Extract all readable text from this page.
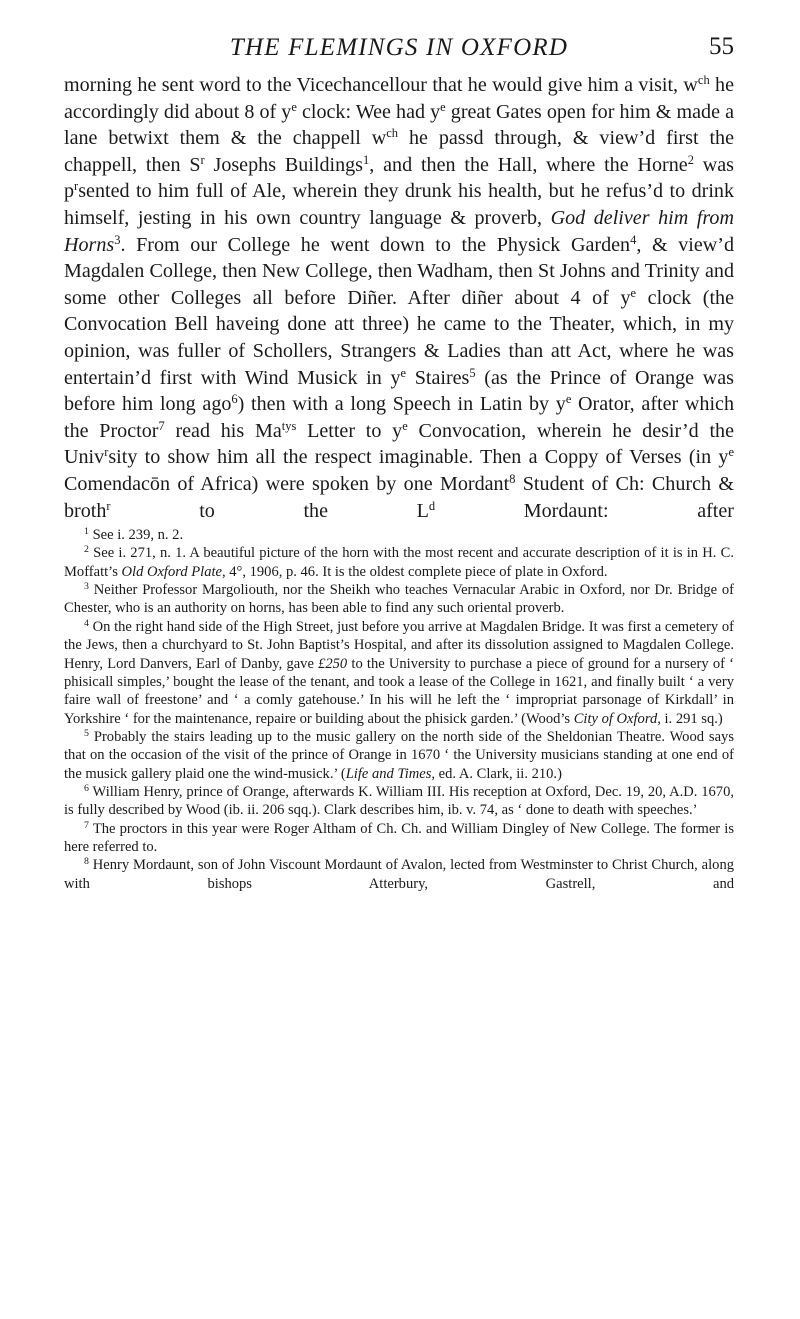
THE FLEMINGS IN OXFORD	55
morning he sent word to the Vicechancellour that he would give him a visit, $w^{ch}$ he accordingly did about 8 of $y^e$ clock: Wee had $y^e$ great Gates open for him & made a lane betwixt them & the chappell $w^{ch}$ he passd through, & view’d first the chappell, then $S^r$ Josephs Buildings$^1$, and then the Hall, where the Horne$^2$ was $p^rsented$ to him full of Ale, wherein they drunk his health, but he refus’d to drink himself, jesting in his own country language & proverb, God deliver him from Horns$^3$. From our College he went down to the Physick Garden$^4$, & view’d Magdalen College, then New College, then Wadham, then St Johns and Trinity and some other Colleges all before Diñer. After diñer about 4 of $y^e$ clock (the Convocation Bell haveing done att three) he came to the Theater, which, in my opinion, was fuller of Schollers, Strangers & Ladies than att Act, where he was entertain’d first with Wind Musick in $y^e$ Staires$^5$ (as the Prince of Orange was before him long ago$^6$) then with a long Speech in Latin by $y^e$ Orator, after which the Proctor$^7$ read his $Ma^{tys}$ Letter to $y^e$ Convocation, wherein he desir’d the Univ$^r$sity to show him all the respect imaginable. Then a Coppy of Verses (in $y^e$ Comendacōn of Africa) were spoken by one Mordant$^8$ Student of Ch: Church & broth$^r$ to the $L^d$ Mordaunt: after

$^1$ See i. 239, n. 2.

$^2$ See i. 271, n. 1. A beautiful picture of the horn with the most recent and accurate description of it is in H. C. Moffatt’s Old Oxford Plate, 4°, 1906, p. 46. It is the oldest complete piece of plate in Oxford.

$^3$ Neither Professor Margoliouth, nor the Sheikh who teaches Vernacular Arabic in Oxford, nor Dr. Bridge of Chester, who is an authority on horns, has been able to find any such oriental proverb.

$^4$ On the right hand side of the High Street, just before you arrive at Magdalen Bridge. It was first a cemetery of the Jews, then a churchyard to St. John Baptist’s Hospital, and after its dissolution assigned to Magdalen College. Henry, Lord Danvers, Earl of Danby, gave £250 to the University to purchase a piece of ground for a nursery of ‘ phisicall simples,’ bought the lease of the tenant, and took a lease of the College in 1621, and finally built ‘ a very faire wall of freestone’ and ‘ a comly gatehouse.’ In his will he left the ‘ impropriat parsonage of Kirkdall’ in Yorkshire ‘ for the maintenance, repaire or building about the phisick garden.’ (Wood’s City of Oxford, i. 291 sq.)

$^5$ Probably the stairs leading up to the music gallery on the north side of the Sheldonian Theatre. Wood says that on the occasion of the visit of the prince of Orange in 1670 ‘ the University musicians standing at one end of the musick gallery plaid one the wind-musick.’ (Life and Times, ed. A. Clark, ii. 210.)

$^6$ William Henry, prince of Orange, afterwards K. William III. His reception at Oxford, Dec. 19, 20, A.D. 1670, is fully described by Wood (ib. ii. 206 sqq.). Clark describes him, ib. v. 74, as ‘ done to death with speeches.’

$^7$ The proctors in this year were Roger Altham of Ch. Ch. and William Dingley of New College. The former is here referred to.

$^8$ Henry Mordaunt, son of John Viscount Mordaunt of Avalon, lected from Westminster to Christ Church, along with bishops Atterbury, Gastrell, and
